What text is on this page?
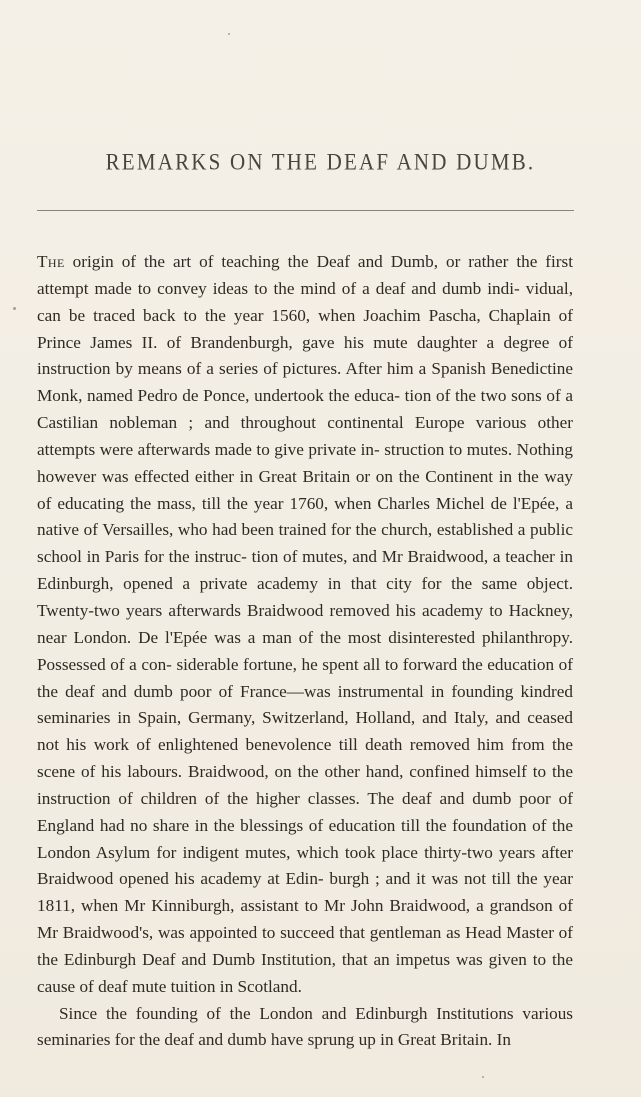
REMARKS ON THE DEAF AND DUMB.

The origin of the art of teaching the Deaf and Dumb, or rather the first attempt made to convey ideas to the mind of a deaf and dumb indi- vidual, can be traced back to the year 1560, when Joachim Pascha, Chaplain of Prince James II. of Brandenburgh, gave his mute daughter a degree of instruction by means of a series of pictures. After him a Spanish Benedictine Monk, named Pedro de Ponce, undertook the educa- tion of the two sons of a Castilian nobleman ; and throughout continental Europe various other attempts were afterwards made to give private in- struction to mutes. Nothing however was effected either in Great Britain or on the Continent in the way of educating the mass, till the year 1760, when Charles Michel de l'Epée, a native of Versailles, who had been trained for the church, established a public school in Paris for the instruc- tion of mutes, and Mr Braidwood, a teacher in Edinburgh, opened a private academy in that city for the same object. Twenty-two years afterwards Braidwood removed his academy to Hackney, near London. De l'Epée was a man of the most disinterested philanthropy. Possessed of a con- siderable fortune, he spent all to forward the education of the deaf and dumb poor of France—was instrumental in founding kindred seminaries in Spain, Germany, Switzerland, Holland, and Italy, and ceased not his work of enlightened benevolence till death removed him from the scene of his labours. Braidwood, on the other hand, confined himself to the instruction of children of the higher classes. The deaf and dumb poor of England had no share in the blessings of education till the foundation of the London Asylum for indigent mutes, which took place thirty-two years after Braidwood opened his academy at Edin- burgh ; and it was not till the year 1811, when Mr Kinniburgh, assistant to Mr John Braidwood, a grandson of Mr Braidwood's, was appointed to succeed that gentleman as Head Master of the Edinburgh Deaf and Dumb Institution, that an impetus was given to the cause of deaf mute tuition in Scotland.

Since the founding of the London and Edinburgh Institutions various seminaries for the deaf and dumb have sprung up in Great Britain. In
